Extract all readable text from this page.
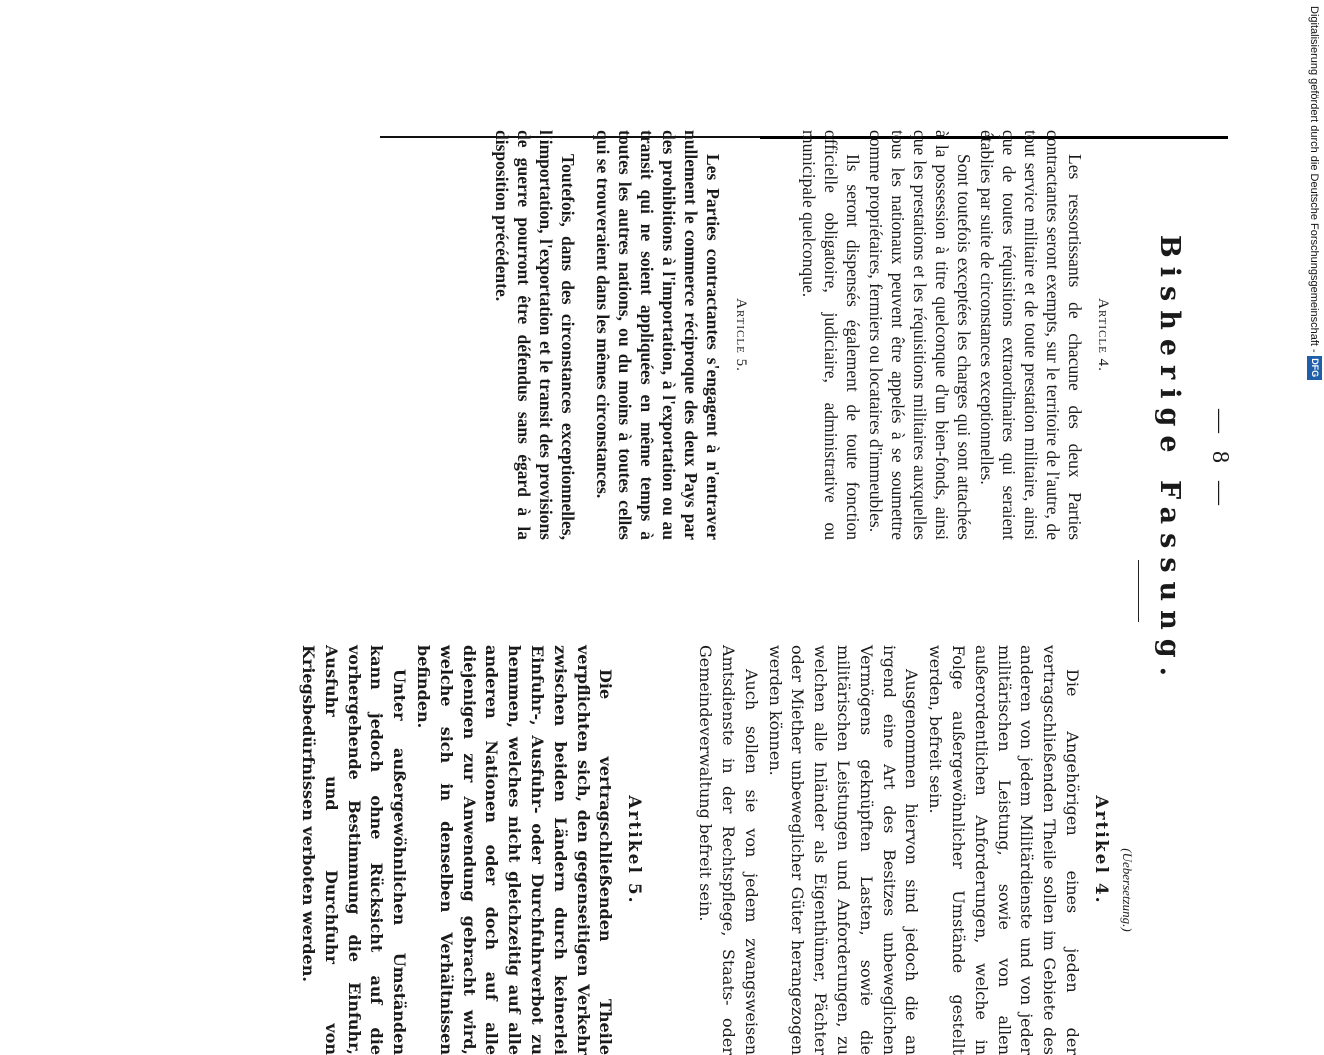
— 8 —
Bisherige Fassung.
(Uebersetzung.)
Article 4.

Les ressortissants de chacune des deux Parties contractantes seront exempts, sur le territoire de l'autre, de tout service militaire et de toute prestation militaire, ainsi que de toutes réquisitions extraordinaires qui seraient établies par suite de circonstances exceptionnelles.

Sont toutefois exceptées les charges qui sont attachées à la possession à titre quelconque d'un bien-fonds, ainsi que les prestations et les réquisitions militaires auxquelles tous les nationaux peuvent être appelés à se soumettre comme propriétaires, fermiers ou locataires d'immeubles.

Ils seront dispensés également de toute fonction officielle obligatoire, judiciaire, administrative ou municipale quelconque.

Article 5.

Les Parties contractantes s'engagent à n'entraver nullement le commerce réciproque des deux Pays par des prohibitions à l'importation, à l'exportation ou au transit qui ne soient appliquées en même temps à toutes les autres nations, ou du moins à toutes celles qui se trouveraient dans les mêmes circonstances.

Toutefois, dans des circonstances exceptionnelles, l'importation, l'exportation et le transit des provisions de guerre pourront être défendus sans égard à la disposition précédente.

Artikel 4.

Die Angehörigen eines jeden der vertragschließenden Theile sollen im Gebiete des anderen von jedem Militärdienste und von jeder militärischen Leistung, sowie von allen außerordentlichen Anforderungen, welche in Folge außergewöhnlicher Umstände gestellt werden, befreit sein.

Ausgenommen hiervon sind jedoch die an irgend eine Art des Besitzes unbeweglichen Vermögens geknüpften Lasten, sowie die militärischen Leistungen und Anforderungen, zu welchen alle Inländer als Eigenthümer, Pächter oder Miether unbeweglicher Güter herangezogen werden können.

Auch sollen sie von jedem zwangsweisen Amtsdienste in der Rechtspflege, Staats- oder Gemeindeverwaltung befreit sein.

Artikel 5.

Die vertragschließenden Theile verpflichten sich, den gegenseitigen Verkehr zwischen beiden Ländern durch keinerlei Einfuhr-, Ausfuhr- oder Durchfuhrverbot zu hemmen, welches nicht gleichzeitig auf alle anderen Nationen oder doch auf alle diejenigen zur Anwendung gebracht wird, welche sich in denselben Verhältnissen befinden.

Unter außergewöhnlichen Umständen kann jedoch ohne Rücksicht auf die vorhergehende Bestimmung die Einfuhr, Ausfuhr und Durchfuhr von Kriegsbedürfnissen verboten werden.

Digitalisierung gefördert durch die Deutsche Forschungsgemeinschaft -
DFG
